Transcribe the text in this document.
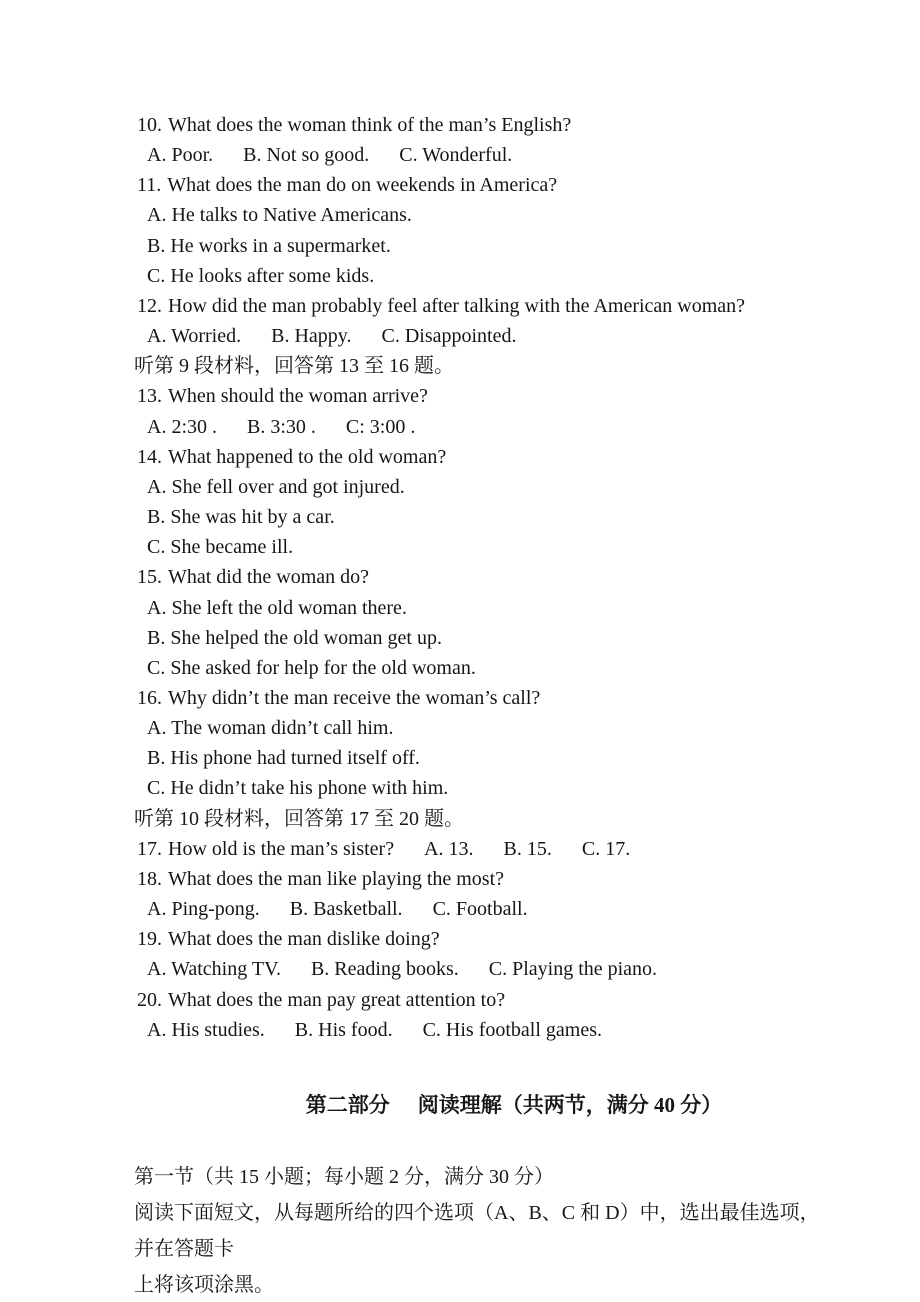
10. What does the woman think of the man’s English?
A. Poor. B. Not so good. C. Wonderful.
11. What does the man do on weekends in America?
A. He talks to Native Americans.
B. He works in a supermarket.
C. He looks after some kids.
12. How did the man probably feel after talking with the American woman?
A. Worried. B. Happy. C. Disappointed.
听第 9 段材料，回答第 13 至 16 题。
13. When should the woman arrive?
A. 2:30 . B. 3:30 . C: 3:00 .
14. What happened to the old woman?
A. She fell over and got injured.
B. She was hit by a car.
C. She became ill.
15. What did the woman do?
A. She left the old woman there.
B. She helped the old woman get up.
C. She asked for help for the old woman.
16. Why didn’t the man receive the woman’s call?
A. The woman didn’t call him.
B. His phone had turned itself off.
C. He didn’t take his phone with him.
听第 10 段材料，回答第 17 至 20 题。
17. How old is the man’s sister? A. 13. B. 15. C. 17.
18. What does the man like playing the most?
A. Ping-pong. B. Basketball. C. Football.
19. What does the man dislike doing?
A. Watching TV. B. Reading books. C. Playing the piano.
20. What does the man pay great attention to?
A. His studies. B. His food. C. His football games.

第二部分 阅读理解（共两节，满分 40 分）

第一节（共 15 小题；每小题 2 分，满分 30 分）
阅读下面短文，从每题所给的四个选项（A、B、C 和 D）中，选出最佳选项，并在答题卡
上将该项涂黑。
